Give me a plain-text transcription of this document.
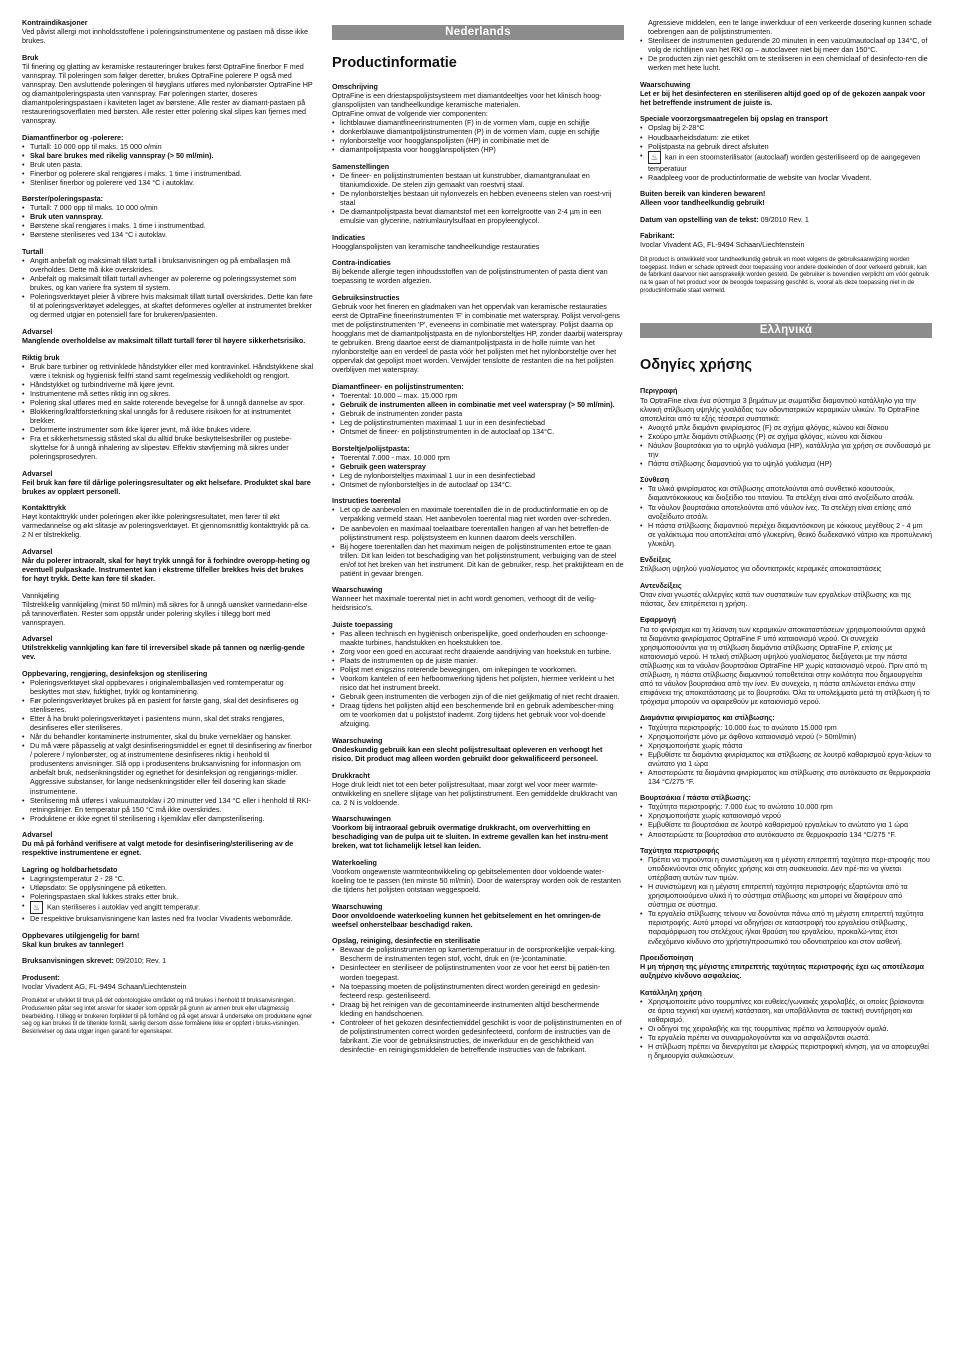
Kontraindikasjoner

Ved påvist allergi mot innholdsstoffene i poleringsinstrumentene og pastaen må disse ikke brukes.

Bruk

Til finering og glatting av keramiske restaureringer brukes først OptraFine finerbor F med vannspray. Til poleringen som følger deretter, brukes OptraFine polerere P også med vannspray. Den avsluttende poleringen til høyglans utføres med nylonbørster OptraFine HP og diamantpoleringspasta uten vannspray. Før poleringen starter, doseres diamantpoleringspastaen i kaviteten laget av børstene. Alle rester av diamant-pastaen på restaureringsoverflaten med børsten. Alle rester etter polering skal slipes kan fjernes med vannspray.

Diamantfinerbor og -polerere:
• Turtall: 10 000 opp til maks. 15 000 o/min
• Skal bare brukes med rikelig vannspray (> 50 ml/min).
• Bruk uten pasta.
• Finerbor og polerere skal rengjøres i maks. 1 time i instrumentbad.
• Steriliser finerbor og polerere ved 134 °C i autoklav.
Børster/poleringspasta:
• Turtall: 7 000 opp til maks. 10 000 o/min
• Bruk uten vannspray.
• Børstene skal rengjøres i maks. 1 time i instrumentbad.
• Børstene steriliseres ved 134 °C i autoklav.
Turtall
• Angitt anbefalt og maksimalt tillatt turtall i bruksanvisningen og på emballasjen må overholdes. Dette må ikke overskrides.
• Anbefalt og maksimalt tillatt turtall avhenger av polererne og poleringssystemet som brukes, og kan variere fra system til system.
• Poleringsverktøyet pleier å vibrere hvis maksimalt tillatt turtall overskrides. Dette kan føre til at poleringsverktøyet ødelegges, at skaftet deformeres og/eller at instrumentet brekker og dermed utgjør en potensiell fare for brukeren/pasienten.
Advarsel

Manglende overholdelse av maksimalt tillatt turtall fører til høyere sikkerhetsrisiko.

Riktig bruk
• Bruk bare turbiner og rettvinklede håndstykker eller med kontravinkel. Håndstykkene skal være i teknisk og hygienisk feilfri stand samt regelmessig vedlikeholdt og rengjort.
• Håndstykket og turbindriverne må kjøre jevnt.
• Instrumentene må settes riktig inn og sikres.
• Polering skal utføres med en sakte roterende bevegelse for å unngå dannelse av spor.
• Blokkering/kraftforsterkning skal unngås for å redusere risikoen for at instrumentet brekker.
• Deformerte instrumenter som ikke kjører jevnt, må ikke brukes videre.
• Fra et sikkerhetsmessig ståsted skal du alltid bruke beskyttelsesbriller og pustebe-skyttelse for å unngå inhalering av slipestøv. Effektiv støvfjerning må sikres under poleringsprosedyren.
Advarsel

Feil bruk kan føre til dårlige poleringsresultater og økt helsefare. Produktet skal bare brukes av opplært personell.

Kontakttrykk

Høyt kontakttrykk under poleringen øker ikke poleringsresultatet, men fører til økt varmedannelse og økt slitasje av poleringsverktøyet. Et gjennomsnittlig kontakttrykk på ca. 2 N er tilstrekkelig.

Advarsel

Når du polerer intraoralt, skal for høyt trykk unngå for å forhindre overopp-heting og eventuell pulpaskade. Instrumentet kan i ekstreme tilfeller brekkes hvis det brukes for høyt trykk. Dette kan føre til skader.

Vannkjøling

Tilstrekkelig vannkjøling (minst 50 ml/min) må sikres for å unngå uønsket varmedann-else på tannoverflaten. Rester som oppstår under polering skylles i tillegg bort med vannsprayen.

Advarsel

Utilstrekkelig vannkjøling kan føre til irreversibel skade på tannen og nærlig-gende vev.

Oppbevaring, rengjøring, desinfeksjon og sterilisering
• Poleringsverktøyet skal oppbevares i originalemballasjen ved romtemperatur og beskyttes mot støv, fuktighet, trykk og kontaminering.
• Før poleringsverktøyet brukes på en pasient for første gang, skal det desinfiseres og steriliseres.
• Etter å ha brukt poleringsverktøyet i pasientens munn, skal det straks rengjøres, desinfiseres eller steriliseres.
• Når du behandler kontaminerte instrumenter, skal du bruke vernekläer og hansker.
• Du må være påpasselig at valgt desinfiseringsmiddel er egnet til desinfisering av finerbor / polerere / nylonbørster, og at instrumentene desinfiseres riktig i henhold til produsentens anvisninger. Slå opp i produsentens bruksanvisning for informasjon om anbefalt bruk, nedsenkningstider og egnethet for desinfeksjon og rengjørings-midler. Aggressive substanser, for lange nedsenkningstider eller feil dosering kan skade instrumentene.
• Sterilisering må utføres i vakuumautoklav i 20 minutter ved 134 °C eller i henhold til RKI-retningslinjer. En temperatur på 150 °C må ikke overskrides.
• Produktene er ikke egnet til sterilisering i kjemiklav eller dampsterilisering.
Advarsel

Du må på forhånd verifisere at valgt metode for desinfisering/sterilisering av de respektive instrumentene er egnet.

Lagring og holdbarhetsdato
• Lagringstemperatur 2 - 28 °C.
• Utløpsdato: Se opplysningene på etiketten.
• Poleringspastaen skal lukkes straks etter bruk.
• ♨ Kan steriliseres i autoklav ved angitt temperatur.
• De respektive bruksanvisningene kan lastes ned fra Ivoclar Vivadents webområde.

Oppbevares utilgjengelig for barn!

Skal kun brukes av tannleger!

Bruksanvisningen skrevet: 09/2010; Rev. 1
Produsent:

Ivoclar Vivadent AG, FL-9494 Schaan/Liechtenstein

Produktet er utviklet til bruk på det odontologiske området og må brukes i henhold til bruksanvisningen. Produsenten påtar seg intet ansvar for skader som oppstår på grunn av annen bruk eller ufagmessig bearbeiding. I tillegg er brukeren forpliktet til på forhånd og på eget ansvar å undersøke om produktene egner seg og kan brukes til de tiltenkte formål, særlig dersom disse formålene ikke er oppført i bruks-visningen. Beskrivelser og data utgjør ingen garanti for egenskaper.

Nederlands
Productinformatie
Omschrijving

OptraFine is een driestapspolijstsysteem met diamantdeeltjes voor het klinisch hoog-glanspolijsten van tandheelkundige keramische materialen.

OptraFine omvat de volgende vier componenten:

• lichtblauwe diamantfineerinstrumenten (F) in de vormen vlam, cupje en schijfje
• donkerblauwe diamantpolijstinstrumenten (P) in de vormen vlam, cupje en schijfje
• nylonborsteltje voor hoogglanspolijsten (HP) in combinatie met de
• diamantpolijstpasta voor hoogglanspolijsten (HP)
Samenstellingen
• De fineer- en polijstinstrumenten bestaan uit kunstrubber, diamantgranulaat en titaniumdioxide. De stelen zijn gemaakt van roestvrij staal.
• De nylonborsteltjes bestaan uit nylonvezels en hebben eveneens stelen van roest-vrij staal
• De diamantpolijstpasta bevat diamantstof met een korrelgrootte van 2-4 µm in een emulsie van glycerine, natriumlaurylsulfaat en propyleenglycol.
Indicaties

Hoogglanspolijsten van keramische tandheelkundige restauraties

Contra-indicaties

Bij bekende allergie tegen inhoudsstoffen van de polijstinstrumenten of pasta dient van toepassing te worden afgezien.

Gebruiksinstructies

Gebruik voor het fineren en gladmaken van het oppervlak van keramische restauraties eerst de OptraFine fineerinstrumenten 'F' in combinatie met waterspray. Polijst vervol-gens met de polijstinstrumenten 'P', eveneens in combinatie met waterspray. Polijst daarna op hoogglans met de diamantpolijstpasta en de nylonborsteltjes HP, zonder daarbij waterspray te gebruiken. Breng daartoe eerst de diamantpolijstpasta in de holle ruimte van het nylonborsteltje aan en verdeel de pasta vóór het polijsten met het nylonborsteltje over het oppervlak dat gepolijst moet worden. Verwijder tenslotte de restanten die na het polijsten overblijven met waterspray.

Diamantfineer- en polijstinstrumenten:
• Toerental: 10.000 – max. 15.000 rpm
• Gebruik de instrumenten alleen in combinatie met veel waterspray (> 50 ml/min).
• Gebruik de instrumenten zonder pasta
• Leg de polijstinstrumenten maximaal 1 uur in een desinfectiebad
• Ontsmet de fineer- en polijstinstrumenten in de autoclaaf op 134°C.
Borsteltje/polijstpasta:
• Toerental 7.000 - max. 10.000 rpm
• Gebruik geen waterspray
• Leg de nylonborsteltjes maximaal 1 uur in een desinfectiebad
• Ontsmet de nylonborsteltjes in de autoclaaf op 134°C.
Instructies toerental
• Let op de aanbevolen en maximale toerentallen die in de productinformatie en op de verpakking vermeld staan. Het aanbevolen toerental mag niet worden over-schreden.
• De aanbevolen en maximaal toelaatbare toerentallen hangen af van het betreffen-de polijstinstrument resp. polijstsysteem en kunnen daarom deels verschillen.
• Bij hogere toerentallen dan het maximum neigen de polijstinstrumenten ertoe te gaan trillen. Dit kan leiden tot beschadiging van het polijstinstrument, verbuiging van de steel en/of tot het breken van het instrument. Dit kan de gebruiker, resp. het praktijkteam en de patiënt in gevaar brengen.
Waarschuwing

Wanneer het maximale toerental niet in acht wordt genomen, verhoogt dit de veilig-heidsrisico's.

Juiste toepassing
• Pas alleen technisch en hygiënisch onberispelijke, goed onderhouden en schoonge-maakte turbines, handstukken en hoekstukken toe.
• Zorg voor een goed en accuraat recht draaiende aandrijving van hoekstuk en turbine.
• Plaats de instrumenten op de juiste manier.
• Polijst met enigszins roterende bewegingen, om inkepingen te voorkomen.
• Voorkom kantelen of een hefboomwerking tijdens het polijsten, hiermee verkleint u het risico dat het instrument breekt.
• Gebruik geen instrumenten die verbogen zijn of die niet gelijkmatig of niet recht draaien.
• Draag tijdens het polijsten altijd een beschermende bril en gebruik adembescher-ming om te voorkomen dat u polijststof inademt. Zorg tijdens het gebruik voor vol-doende afzuiging.
Waarschuwing

Ondeskundig gebruik kan een slecht polijstresultaat opleveren en verhoogt het risico. Dit product mag alleen worden gebruikt door gekwalificeerd personeel.

Drukkracht

Hoge druk leidt niet tot een beter polijstresultaat, maar zorgt wel voor meer warmte-ontwikkeling en snellere slijtage van het polijstinstrument. Een gemiddelde drukkracht van ca. 2 N is voldoende.

Waarschuwingen

Voorkom bij intraoraal gebruik overmatige drukkracht, om oververhitting en beschadiging van de pulpa uit te sluiten. In extreme gevallen kan het instru-ment breken, wat tot lichamelijk letsel kan leiden.

Waterkoeling

Voorkom ongewenste warmteontwikkeling op gebitselementen door voldoende water-koeling toe te passen (ten minste 50 ml/min). Door de waterspray worden ook de restanten die tijdens het polijsten ontstaan weggespoeld.

Waarschuwing

Door onvoldoende waterkoeling kunnen het gebitselement en het omringen-de weefsel onherstelbaar beschadigd raken.

Opslag, reiniging, desinfectie en sterilisatie
• Bewaar de polijstinstrumenten op kamertemperatuur in de oorspronkelijke verpak-king. Bescherm de instrumenten tegen stof, vocht, druk en (re-)contaminatie.
• Desinfecteer en steriliseer de polijstinstrumenten voor ze voor het eerst bij patiën-ten worden toegepast.
• Na toepassing moeten de polijstinstrumenten direct worden gereinigd en gedesin-fecteerd resp. gesteriliseerd.
• Draag bij het reinigen van de gecontamineerde instrumenten altijd beschermende kleding en handschoenen.
• Controleer of het gekozen desinfectiemiddel geschikt is voor de polijstinstrumenten en of de polijstinstrumenten correct worden gedesinfecteerd, conform de instructies van de fabrikant. Zie voor de gebruiksinstructies, de inwerkduur en de geschiktheid van desinfectie- en reinigingsmiddelen de betreffende instructies van de fabrikant.

Agressieve middelen, een te lange inwerkduur of een verkeerde dosering kunnen schade toebrengen aan de polijstinstrumenten.

• Steriliseer de instrumenten gedurende 20 minuten in een vacuümautoclaaf op 134°C, of volg de richtlijnen van het RKI op – autoclaveer niet bij meer dan 150°C.
• De producten zijn niet geschikt om te steriliseren in een chemiclaaf of desinfecto-ren die werken met hete lucht.
Waarschuwing

Let er bij het desinfecteren en steriliseren altijd goed op of de gekozen aanpak voor het betreffende instrument de juiste is.

Speciale voorzorgsmaatregelen bij opslag en transport
• Opslag bij 2-28°C
• Houdbaarheidsdatum: zie etiket
• Polijstpasta na gebruik direct afsluiten
• ♨ kan in een stoomsterilisator (autoclaaf) worden gesteriliseerd op de aangegeven temperatuur
• Raadpleeg voor de productinformatie de website van Ivoclar Vivadent.

Buiten bereik van kinderen bewaren!

Alleen voor tandheelkundig gebruik!

Datum van opstelling van de tekst: 09/2010 Rev. 1
Fabrikant:

Ivoclar Vivadent AG, FL-9494 Schaan/Liechtenstein

Dit product is ontwikkeld voor tandheelkundig gebruik en moet volgens de gebruiksaanwijzing worden toegepast. Indien er schade optreedt door toepassing voor andere doeleinden of door verkeerd gebruik, kan de fabrikant daarvoor niet aansprakelijk worden gesteld. De gebruiker is bovendien verplicht om vóór gebruik na te gaan of het product voor de beoogde toepassing geschikt is, vooral als deze toepassing niet in de productinformatie staat vermeld.

Ελληνικά
Οδηγίες χρήσης
Περιγραφή

Το OptraFine είναι ένα σύστημα 3 βημάτων με σωματίδια διαμαντιού κατάλληλο για την κλινική στίλβωση υψηλής γυαλάδας των οδοντιατρικών κεραμικών υλικών. Το OptraFine αποτελείται από τα εξής τέσσερα συστατικά:

• Ανοιχτό μπλε διαμάντι φινιρίσματος (F) σε σχήμα φλόγας, κώνου και δίσκου
• Σκούρο μπλε διαμάντι στίλβωσης (P) σε σχήμα φλόγας, κώνου και δίσκου
• Νάυλον βουρτσάκια για το υψηλό γυάλισμα (HP), κατάλληλα για χρήση σε συνδυασμό με την
• Πάστα στίλβωσης διαμαντιού για το υψηλό γυάλισμα (HP)
Σύνθεση
• Τα υλικά φινιρίσματος και στίλβωσης αποτελούνται από συνθετικό καουτσούκ, διαμαντόκοκκους και διοξείδιο του τιτανίου. Τα στελέχη είναι από ανοξείδωτο ατσάλι.
• Τα νάυλον βουρτσάκια αποτελούνται από νάυλον ίνες. Τα στελέχη είναι επίσης από ανοξείδωτο ατσάλι.
• Η πάστα στίλβωσης διαμαντιού περιέχει διαμαντόσκονη με κόκκους μεγέθους 2 - 4 μm σε γαλάκτωμα που αποτελείται από γλυκερίνη, θειικό δωδεκανικό νάτριο και προπυλενική γλυκόλη.
Ενδείξεις

Στίλβωση υψηλού γυαλίσματος για οδοντιατρικές κεραμικές αποκαταστάσεις

Αντενδείξεις

Όταν είναι γνωστές αλλεργίες κατά των συστατικών των εργαλείων στίλβωσης και της πάστας, δεν επιτρέπεται η χρήση.

Εφαρμογή

Για το φινίρισμα και τη λείανση των κεραμικών αποκαταστάσεων χρησιμοποιούνται αρχικά τα διαμάντια φινιρίσματος OptraFine F υπό καταιονισμό νερού. Οι συνεχεία χρησιμοποιούνται για τη στίλβωση διαμάντια στίλβωσης OptraFine P, επίσης με καταιονισμό νερού. Η τελική στίλβωση υψηλού γυαλίσματος διεξάγεται με την πάστα στίλβωσης και τα νάυλον βουρτσάκια OptraFine HP χωρίς καταιονισμό νερού. Πριν από τη στίλβωση, η πάστα στίλβωσης διαμαντιού τοποθετείται στην κοιλότητα που δημιουργείται από τα νάυλον βουρτσάκια από την ίνεν. Εν συνεχεία, η πάστα απλώνεται επάνω στην επιφάνεια της αποκατάστασης με το βουρτσάκι. Όλα τα υπολείμματα μετά τη στίλβωση ή το τρόχισμα μπορούν να αφαιρεθούν με καταιονισμό νερού.

Διαμάντια φινιρίσματος και στίλβωσης:
• Ταχύτητα περιστροφής: 10.000 έως το ανώτατο 15.000 rpm
• Χρησιμοποιήστε μόνο με άφθονο καταιονισμό νερού (> 50ml/min)
• Χρησιμοποιήστε χωρίς πάστα
• Εμβυθίστε τα διαμάντια φινιρίσματος και στίλβωσης σε λουτρό καθαρισμού εργα-λείων το ανώτατο για 1 ώρα
• Αποστειρώστε τα διαμάντια φινιρίσματος και στίλβωσης στο αυτόκαυστο σε θερμοκρασία 134 °C/275 °F.
Βουρτσάκια / πάστα στίλβωσης:
• Ταχύτητα περιστροφής: 7.000 έως το ανώτατο 10.000 rpm
• Χρησιμοποιήστε χωρίς καταιονισμό νερού
• Εμβυθίστε τα βουρτσάκια σε λουτρό καθαρισμού εργαλείων το ανώτατο για 1 ώρα
• Αποστειρώστε τα βουρτσάκια στο αυτόκαυστο σε θερμοκρασία 134 °C/275 °F.
Ταχύτητα περιστροφής
• Πρέπει να τηρούνται η συνιστώμενη και η μέγιστη επιτρεπτή ταχύτητα περι-στροφής που υποδεικνύονται στις οδηγίες χρήσης και στη συσκευασία. Δεν πρέ-πει να γίνεται υπέρβαση αυτών των τιμών.
• Η συνιστώμενη και η μέγιστη επιτρεπτή ταχύτητα περιστροφής εξαρτώνται από τα χρησιμοποιούμενα υλικά ή το σύστημα στίλβωσης και μπορεί να διαφέρουν από σύστημα σε σύστημα.
• Τα εργαλεία στίλβωσης τείνουν να δονούνται πάνω από τη μέγιστη επιτρεπτή ταχύτητα περιστροφής. Αυτό μπορεί να οδηγήσει σε καταστροφή του εργαλείου στίλβωσης, παραμόρφωση του στελέχους ή/και θραύση του εργαλείου, προκαλώ-ντας έτσι ενδεχόμενο κίνδυνο στο χρήστη/προσωπικό του οδοντιατρείου και στον ασθενή.
Προειδοποίηση

Η μη τήρηση της μέγιστης επιτρεπτής ταχύτητας περιστροφής έχει ως αποτέλεσμα αυξημένο κίνδυνο ασφαλείας.

Κατάλληλη χρήση
• Χρησιμοποιείτε μόνο τουρμπίνες και ευθείες/γωνιακές χειρολαβές, οι οποίες βρίσκονται σε άρτια τεχνική και υγιεινή κατάσταση, και υποβάλλονται σε τακτική συντήρηση και καθαρισμό.
• Οι οδηγοί της χειρολαβής και της τουρμπίνας πρέπει να λειτουργούν ομαλά.
• Τα εργαλεία πρέπει να συναρμολογούνται και να ασφαλίζονται σωστά.
• Η στίλβωση πρέπει να διενεργείται με ελαφρώς περιστροφική κίνηση, για να αποφευχθεί η δημιουργία αυλακώσεων.
